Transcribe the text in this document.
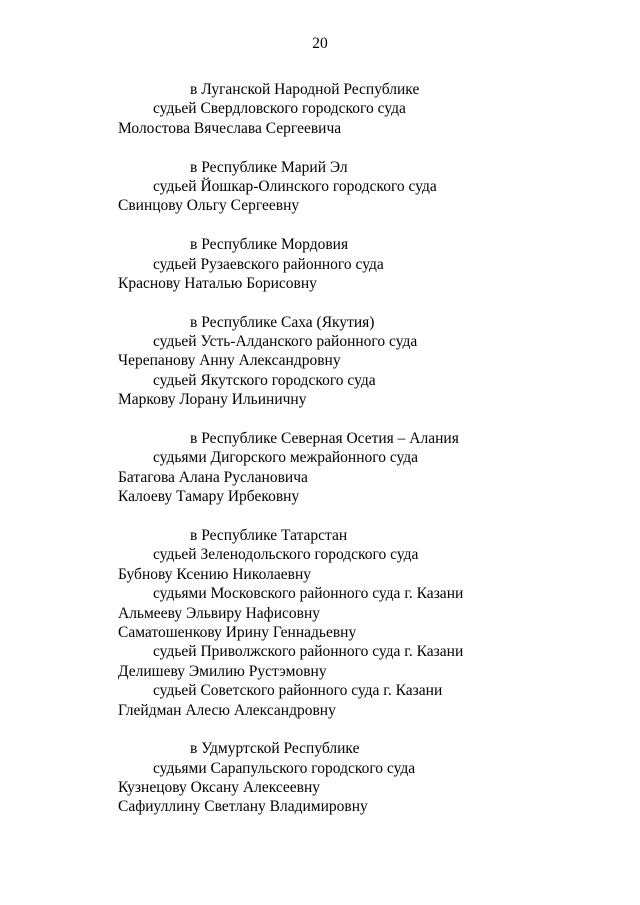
20
в Луганской Народной Республике
судьей Свердловского городского суда
Молостова Вячеслава Сергеевича
в Республике Марий Эл
судьей Йошкар-Олинского городского суда
Свинцову Ольгу Сергеевну
в Республике Мордовия
судьей Рузаевского районного суда
Краснову Наталью Борисовну
в Республике Саха (Якутия)
судьей Усть-Алданского районного суда
Черепанову Анну Александровну
судьей Якутского городского суда
Маркову Лорану Ильиничну
в Республике Северная Осетия – Алания
судьями Дигорского межрайонного суда
Батагова Алана Руслановича
Калоеву Тамару Ирбековну
в Республике Татарстан
судьей Зеленодольского городского суда
Бубнову Ксению Николаевну
судьями Московского районного суда г. Казани
Альмееву Эльвиру Нафисовну
Саматошенкову Ирину Геннадьевну
судьей Приволжского районного суда г. Казани
Делишеву Эмилию Рустэмовну
судьей Советского районного суда г. Казани
Глейдман Алесю Александровну
в Удмуртской Республике
судьями Сарапульского городского суда
Кузнецову Оксану Алексеевну
Сафиуллину Светлану Владимировну
